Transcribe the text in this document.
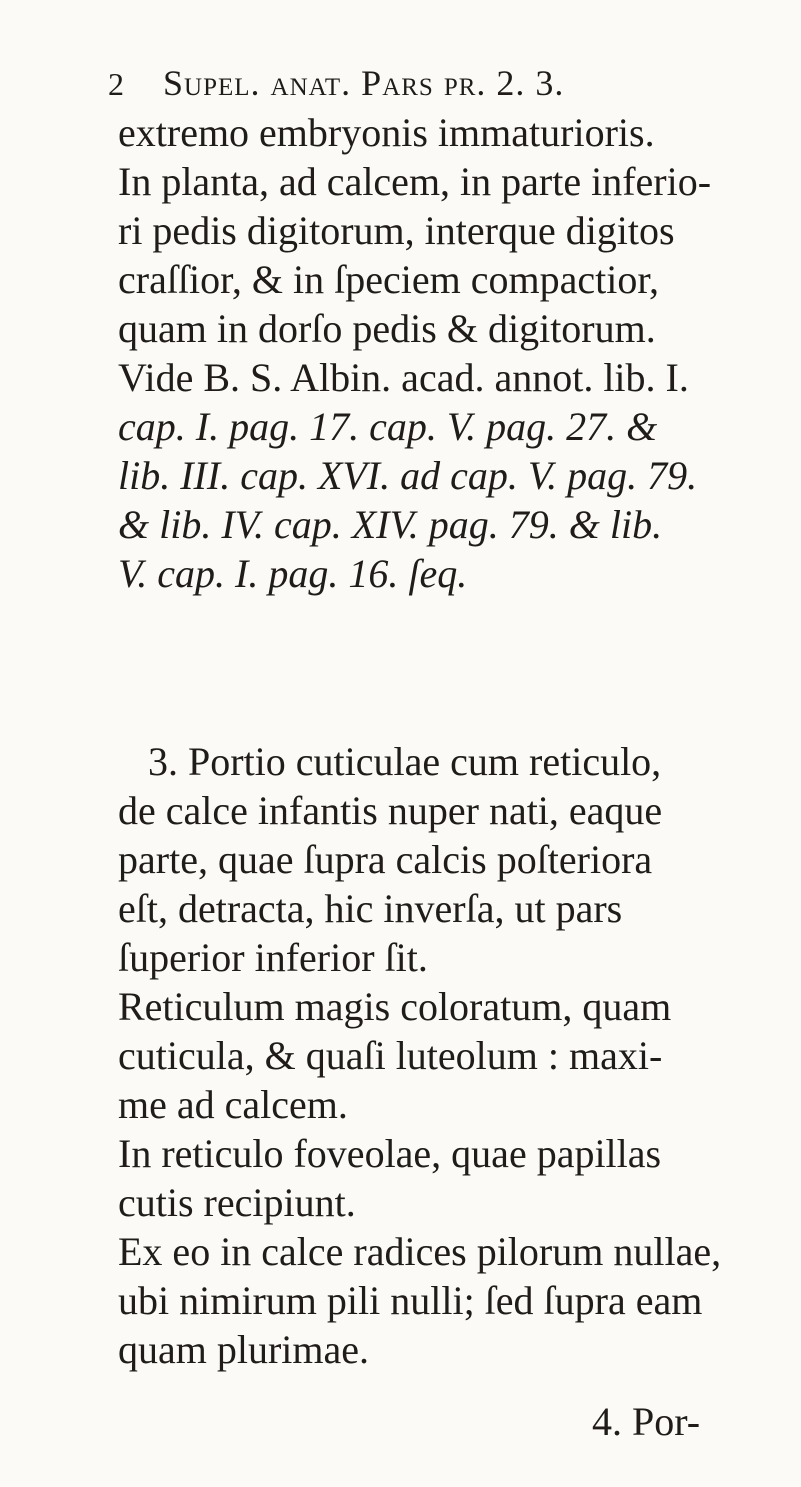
2 Supel. anat. Pars pr. 2. 3.
extremo embryonis immaturioris.
In planta, ad calcem, in parte inferio-
ri pedis digitorum, interque digitos
craſſior, & in ſpeciem compactior,
quam in dorſo pedis & digitorum.
Vide B. S. Albin. acad. annot. lib. I.
cap. I. pag. 17. cap. V. pag. 27. &
lib. III. cap. XVI. ad cap. V. pag. 79.
& lib. IV. cap. XIV. pag. 79. & lib.
V. cap. I. pag. 16. ſeq.
3. Portio cuticulae cum reticulo,
de calce infantis nuper nati, eaque
parte, quae ſupra calcis poſteriora
eſt, detracta, hic inverſa, ut pars
ſuperior inferior ſit.
Reticulum magis coloratum, quam
cuticula, & quaſi luteolum : maxi-
me ad calcem.
In reticulo foveolae, quae papillas
cutis recipiunt.
Ex eo in calce radices pilorum nullae,
ubi nimirum pili nulli; ſed ſupra eam
quam plurimae.
4. Por-
